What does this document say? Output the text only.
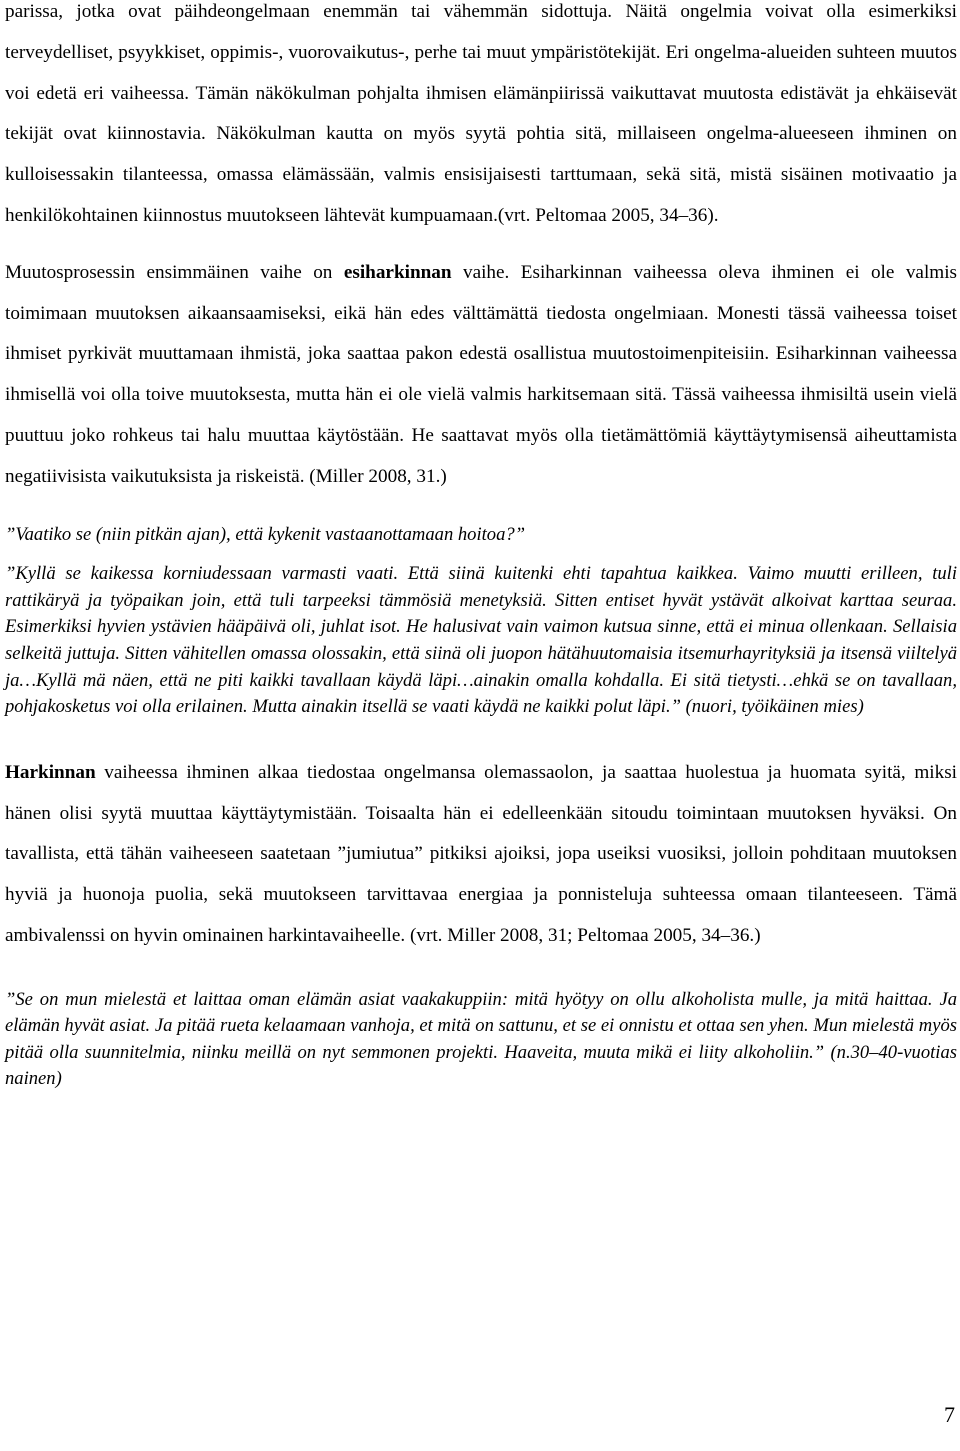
parissa, jotka ovat päihdeongelmaan enemmän tai vähemmän sidottuja. Näitä ongelmia voivat olla esimerkiksi terveydelliset, psyykkiset, oppimis-, vuorovaikutus-, perhe tai muut ympäristötekijät. Eri ongelma-alueiden suhteen muutos voi edetä eri vaiheessa. Tämän näkökulman pohjalta ihmisen elämänpiirissä vaikuttavat muutosta edistävät ja ehkäisevät tekijät ovat kiinnostavia. Näkökulman kautta on myös syytä pohtia sitä, millaiseen ongelma-alueeseen ihminen on kulloisessakin tilanteessa, omassa elämässään, valmis ensisijaisesti tarttumaan, sekä sitä, mistä sisäinen motivaatio ja henkilökohtainen kiinnostus muutokseen lähtevät kumpuamaan.(vrt. Peltomaa 2005, 34–36).

Muutosprosessin ensimmäinen vaihe on esiharkinnan vaihe. Esiharkinnan vaiheessa oleva ihminen ei ole valmis toimimaan muutoksen aikaansaamiseksi, eikä hän edes välttämättä tiedosta ongelmiaan. Monesti tässä vaiheessa toiset ihmiset pyrkivät muuttamaan ihmistä, joka saattaa pakon edestä osallistua muutostoimenpiteisiin. Esiharkinnan vaiheessa ihmisellä voi olla toive muutoksesta, mutta hän ei ole vielä valmis harkitsemaan sitä. Tässä vaiheessa ihmisiltä usein vielä puuttuu joko rohkeus tai halu muuttaa käytöstään. He saattavat myös olla tietämättömiä käyttäytymisensä aiheuttamista negatiivisista vaikutuksista ja riskeistä. (Miller 2008, 31.)

”Vaatiko se (niin pitkän ajan), että kykenit vastaanottamaan hoitoa?”

”Kyllä se kaikessa korniudessaan varmasti vaati. Että siinä kuitenki ehti tapahtua kaikkea. Vaimo muutti erilleen, tuli rattikäryä ja työpaikan join, että tuli tarpeeksi tämmösiä menetyksiä. Sitten entiset hyvät ystävät alkoivat karttaa seuraa. Esimerkiksi hyvien ystävien hääpäivä oli, juhlat isot. He halusivat vain vaimon kutsua sinne, että ei minua ollenkaan. Sellaisia selkeitä juttuja. Sitten vähitellen omassa olossakin, että siinä oli juopon hätähuutomaisia itsemurhayrityksiä ja itsensä viiltelyä ja…Kyllä mä näen, että ne piti kaikki tavallaan käydä läpi…ainakin omalla kohdalla. Ei sitä tietysti…ehkä se on tavallaan, pohjakosketus voi olla erilainen. Mutta ainakin itsellä se vaati käydä ne kaikki polut läpi.” (nuori, työikäinen mies)

Harkinnan vaiheessa ihminen alkaa tiedostaa ongelmansa olemassaolon, ja saattaa huolestua ja huomata syitä, miksi hänen olisi syytä muuttaa käyttäytymistään. Toisaalta hän ei edelleenkään sitoudu toimintaan muutoksen hyväksi. On tavallista, että tähän vaiheeseen saatetaan ”jumiutua” pitkiksi ajoiksi, jopa useiksi vuosiksi, jolloin pohditaan muutoksen hyviä ja huonoja puolia, sekä muutokseen tarvittavaa energiaa ja ponnisteluja suhteessa omaan tilanteeseen. Tämä ambivalenssi on hyvin ominainen harkintavaiheelle. (vrt. Miller 2008, 31; Peltomaa 2005, 34–36.)

”Se on mun mielestä et laittaa oman elämän asiat vaakakuppiin: mitä hyötyy on ollu alkoholista mulle, ja mitä haittaa. Ja elämän hyvät asiat. Ja pitää rueta kelaamaan vanhoja, et mitä on sattunu, et se ei onnistu et ottaa sen yhen. Mun mielestä myös pitää olla suunnitelmia, niinku meillä on nyt semmonen projekti. Haaveita, muuta mikä ei liity alkoholiin.” (n.30–40-vuotias nainen)

7
